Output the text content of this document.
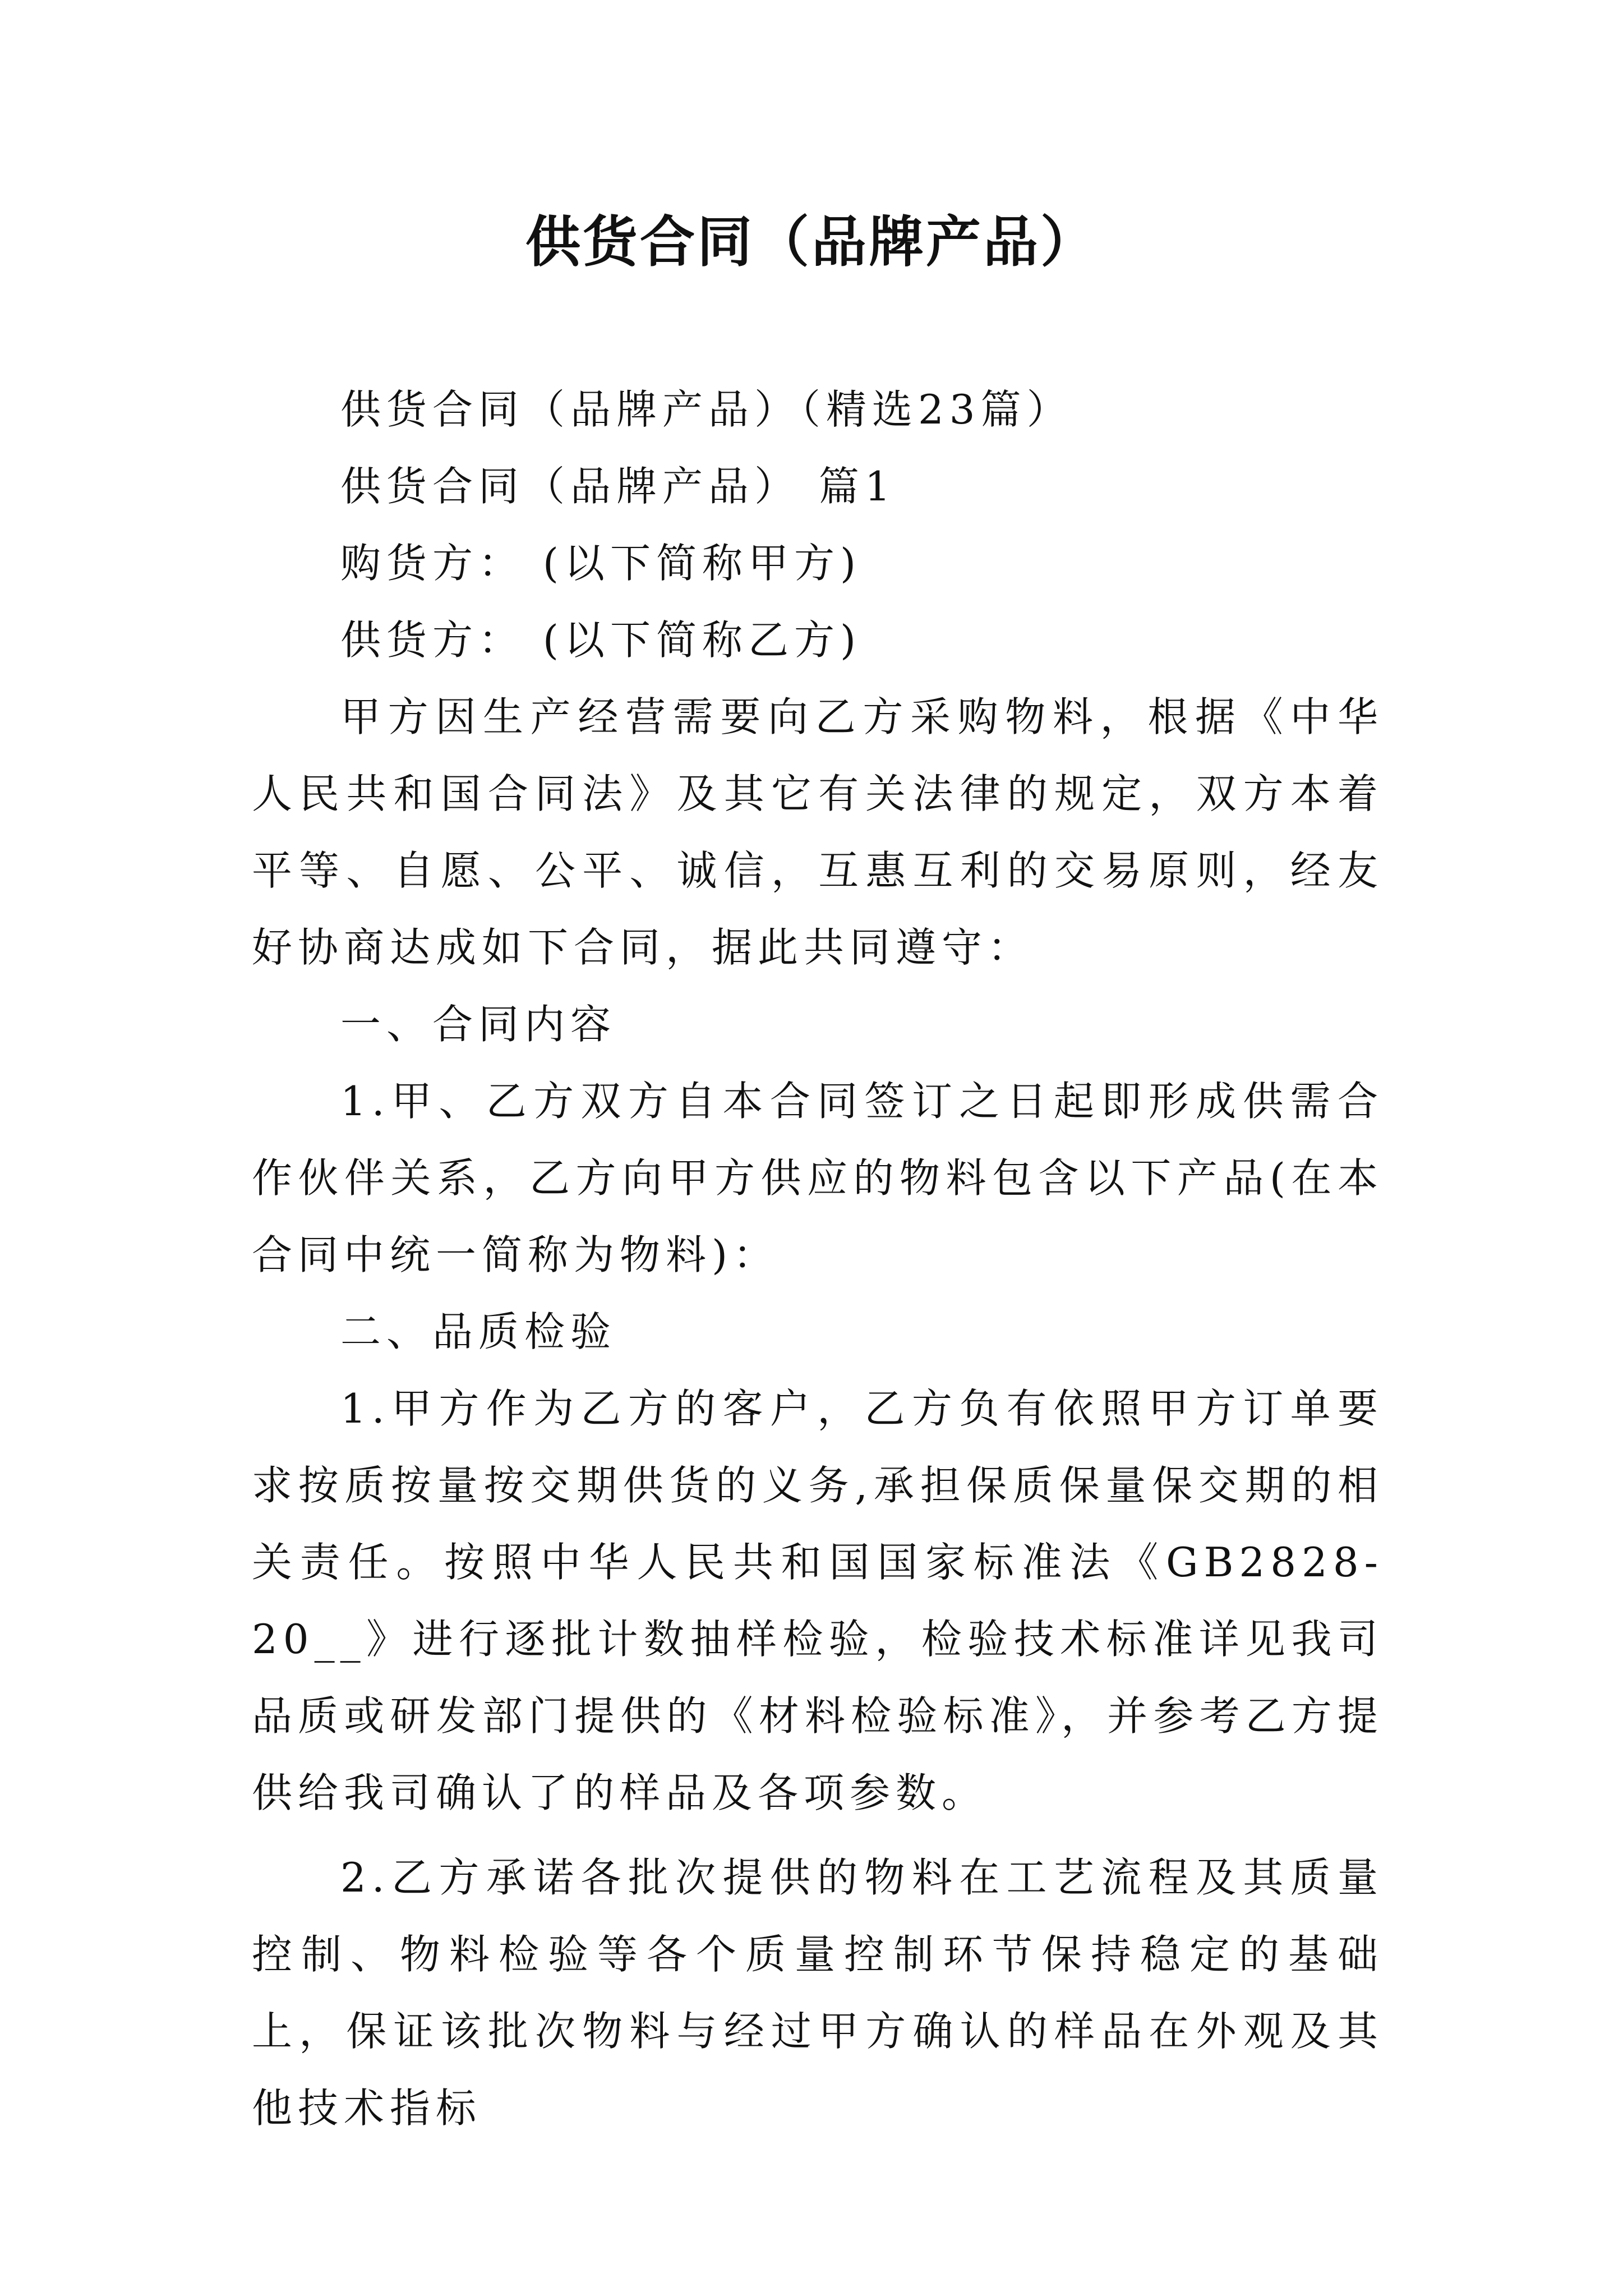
供货合同（品牌产品）

供货合同（品牌产品）（精选23篇）

供货合同（品牌产品） 篇1

购货方： (以下简称甲方)

供货方： (以下简称乙方)

甲方因生产经营需要向乙方采购物料，根据《中华人民共和国合同法》及其它有关法律的规定，双方本着平等、自愿、公平、诚信，互惠互利的交易原则，经友好协商达成如下合同，据此共同遵守：

一、合同内容

1.甲、乙方双方自本合同签订之日起即形成供需合作伙伴关系，乙方向甲方供应的物料包含以下产品(在本合同中统一简称为物料)：

二、品质检验

1.甲方作为乙方的客户，乙方负有依照甲方订单要求按质按量按交期供货的义务,承担保质保量保交期的相关责任。按照中华人民共和国国家标准法《GB2828-20__》进行逐批计数抽样检验，检验技术标准详见我司品质或研发部门提供的《材料检验标准》，并参考乙方提供给我司确认了的样品及各项参数。

2.乙方承诺各批次提供的物料在工艺流程及其质量控制、物料检验等各个质量控制环节保持稳定的基础上，保证该批次物料与经过甲方确认的样品在外观及其他技术指标
